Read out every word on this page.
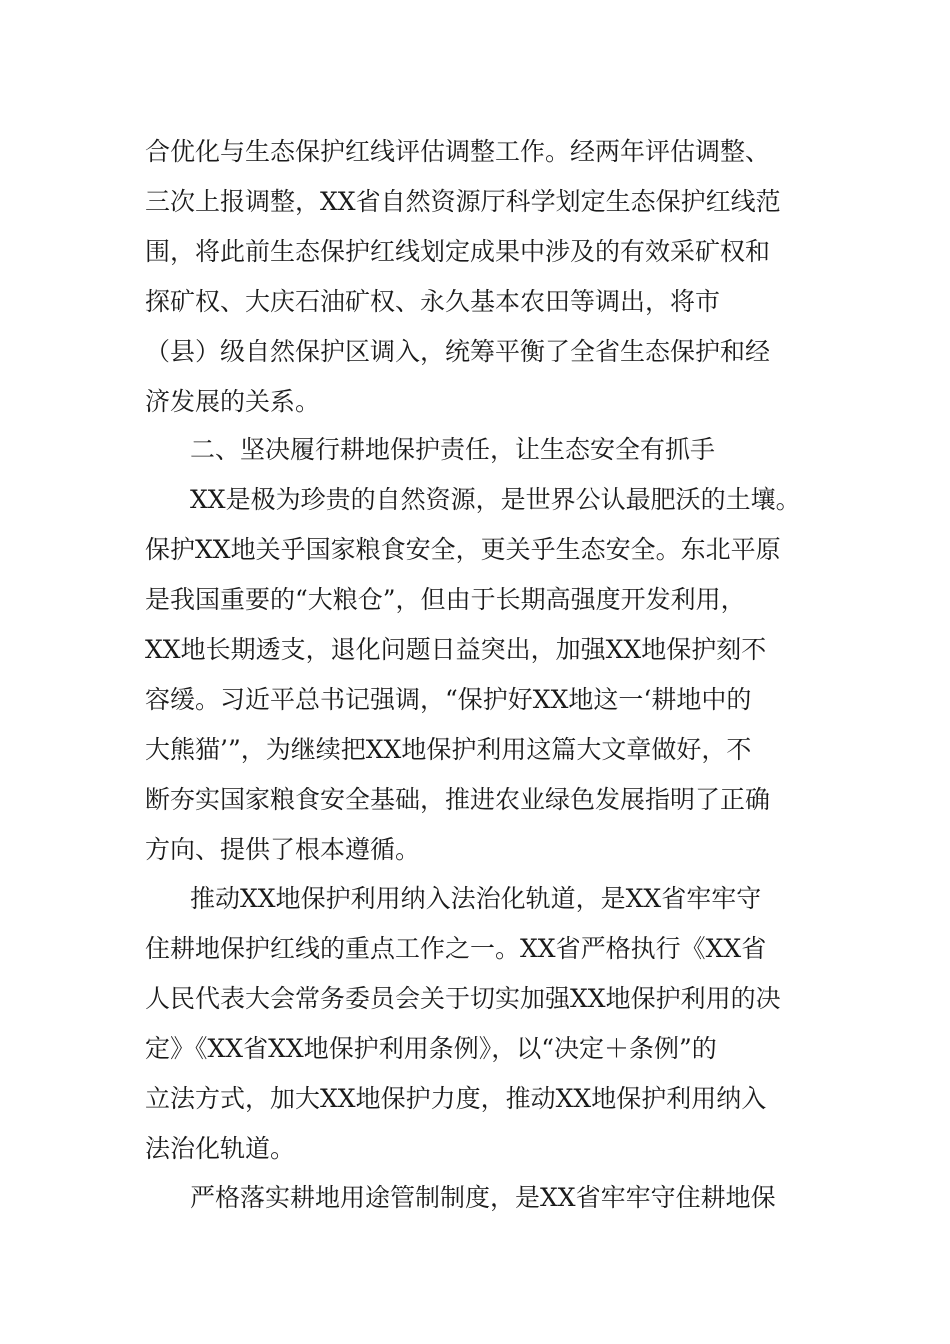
合优化与生态保护红线评估调整工作。经两年评估调整、
三次上报调整，XX省自然资源厅科学划定生态保护红线范
围，将此前生态保护红线划定成果中涉及的有效采矿权和
探矿权、大庆石油矿权、永久基本农田等调出，将市
（县）级自然保护区调入，统筹平衡了全省生态保护和经
济发展的关系。
二、坚决履行耕地保护责任，让生态安全有抓手
XX是极为珍贵的自然资源，是世界公认最肥沃的土壤。
保护XX地关乎国家粮食安全，更关乎生态安全。东北平原
是我国重要的“大粮仓”，但由于长期高强度开发利用，
XX地长期透支，退化问题日益突出，加强XX地保护刻不
容缓。习近平总书记强调，“保护好XX地这一‘耕地中的
大熊猫’”，为继续把XX地保护利用这篇大文章做好，不
断夯实国家粮食安全基础，推进农业绿色发展指明了正确
方向、提供了根本遵循。
推动XX地保护利用纳入法治化轨道，是XX省牢牢守
住耕地保护红线的重点工作之一。XX省严格执行《XX省
人民代表大会常务委员会关于切实加强XX地保护利用的决
定》《XX省XX地保护利用条例》，以“决定＋条例”的
立法方式，加大XX地保护力度，推动XX地保护利用纳入
法治化轨道。
严格落实耕地用途管制制度，是XX省牢牢守住耕地保
